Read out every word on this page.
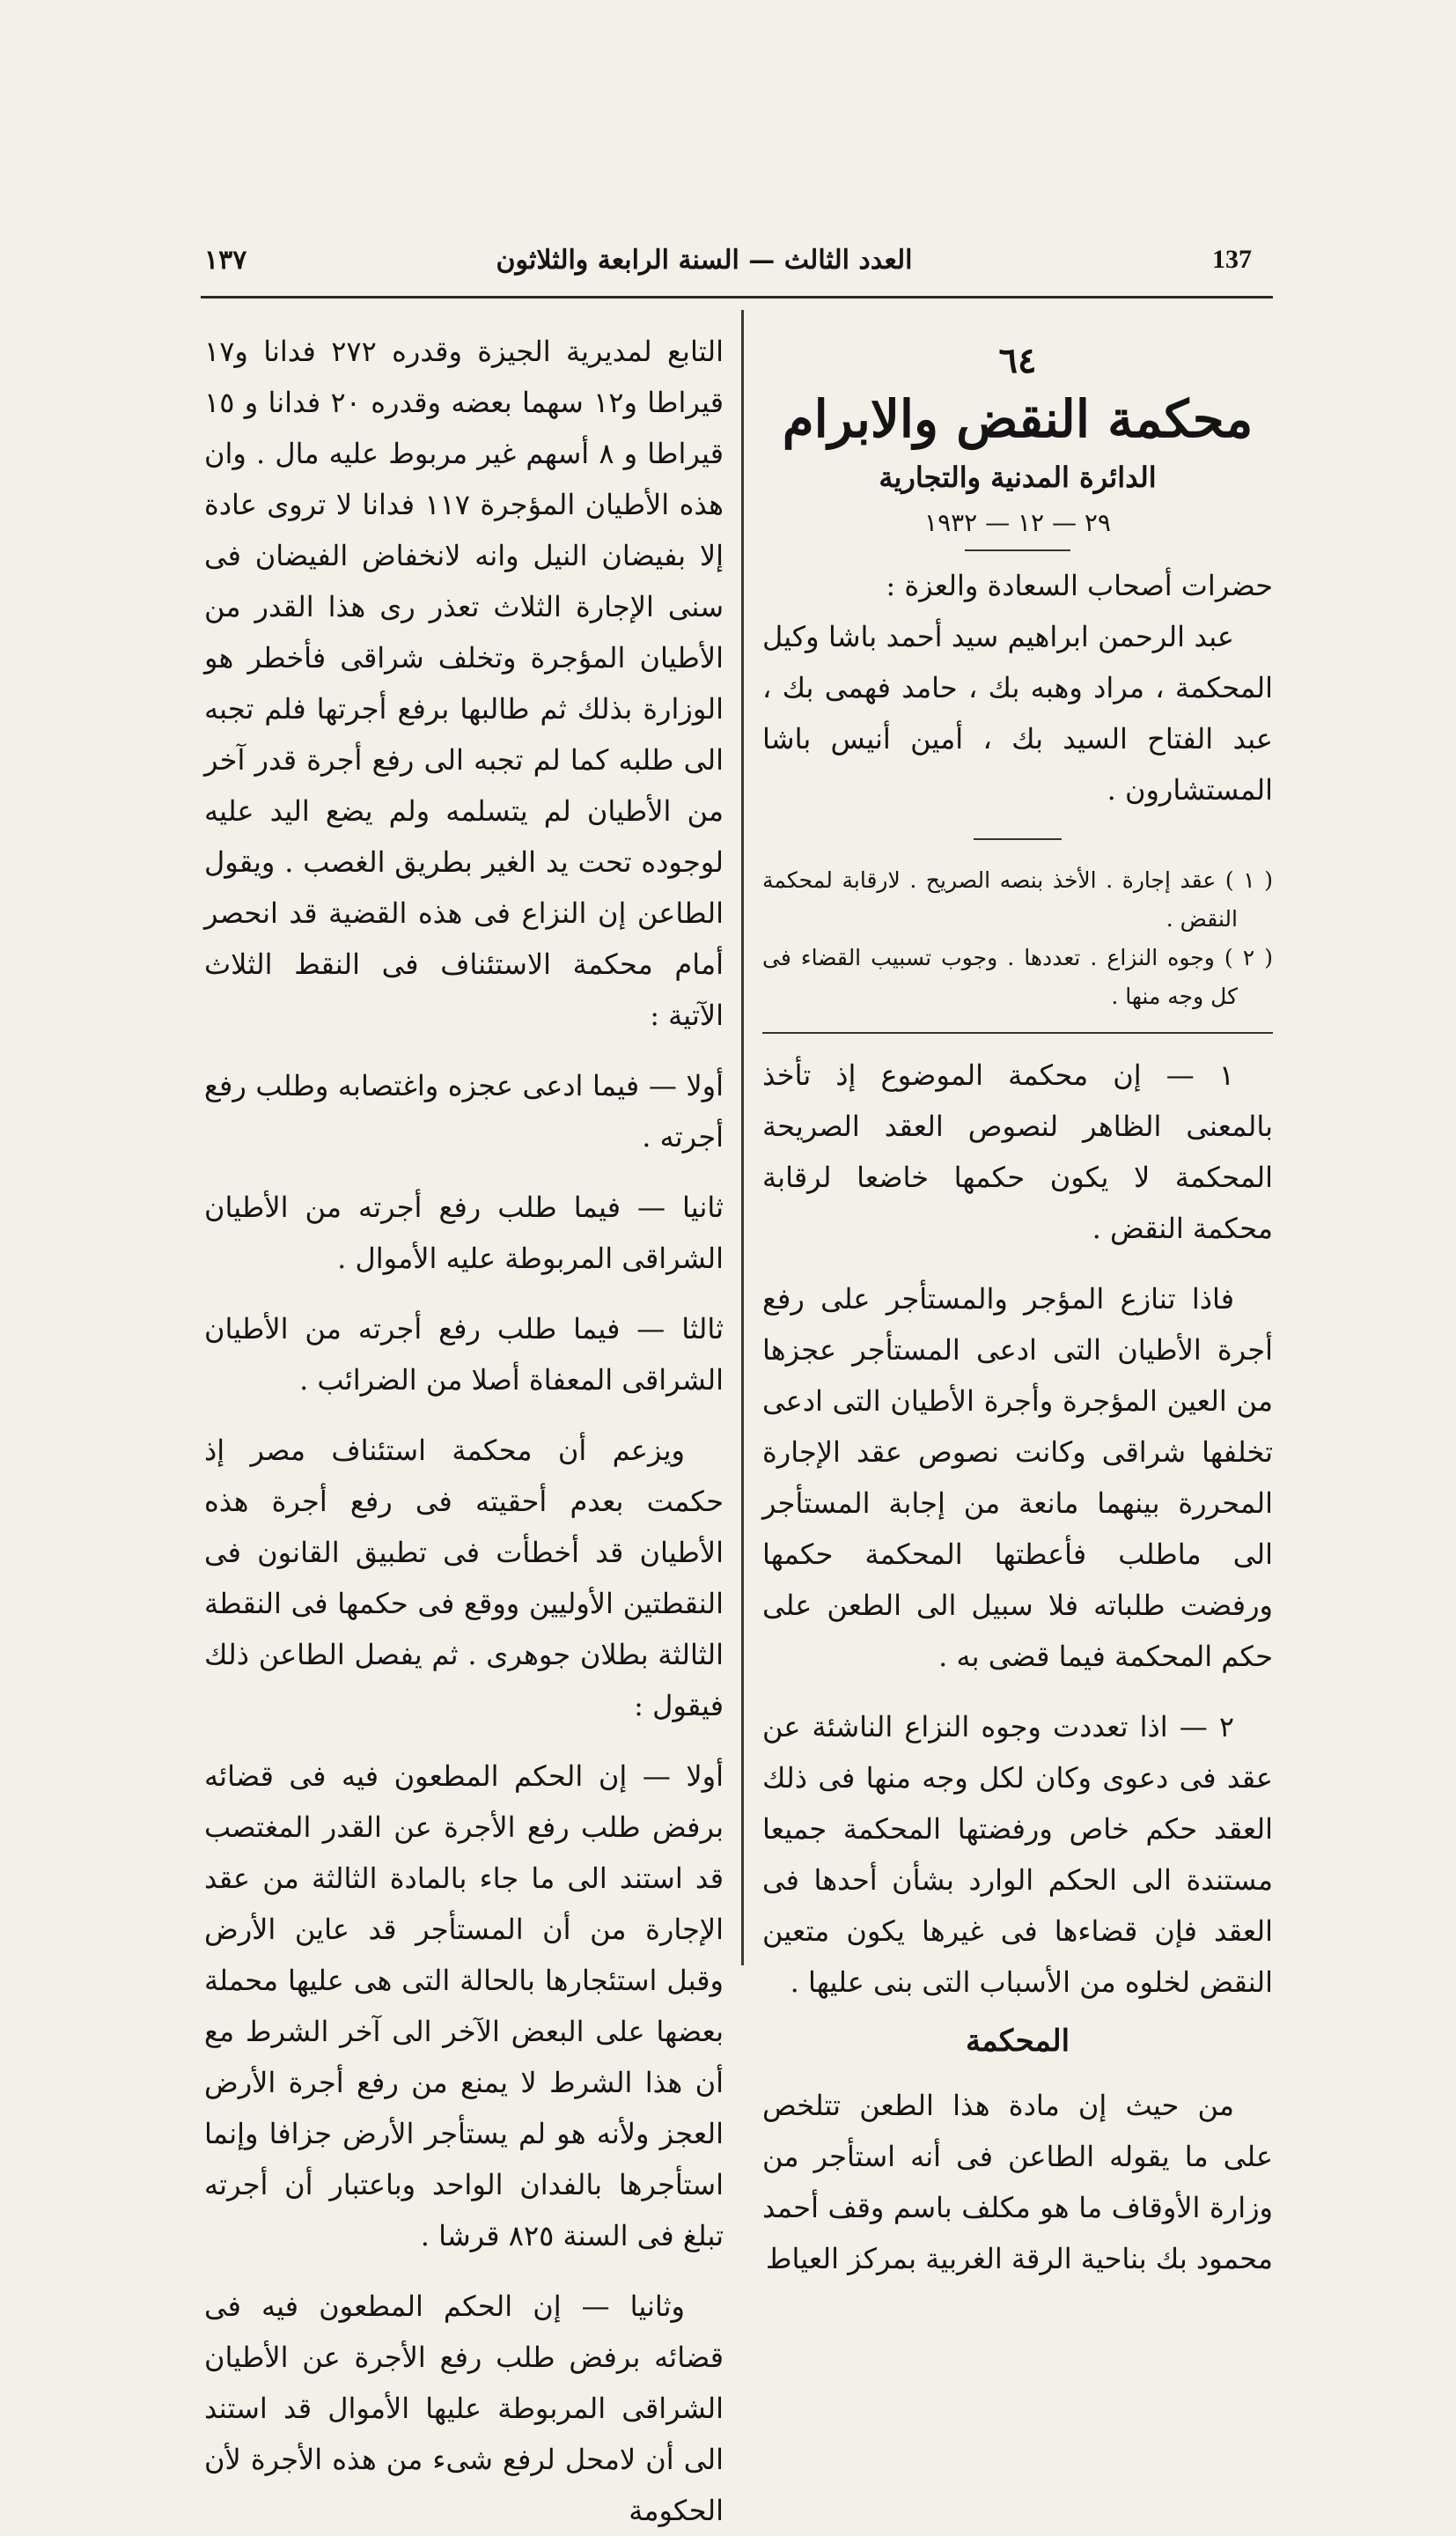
١٣٧	العدد الثالث — السنة الرابعة والثلاثون	137

٦٤

محكمة النقض والابرام

الدائرة المدنية والتجارية

٢٩ — ١٢ — ١٩٣٢

حضرات أصحاب السعادة والعزة :

عبد الرحمن ابراهيم سيد أحمد باشا وكيل المحكمة ، مراد وهبه بك ، حامد فهمى بك ، عبد الفتاح السيد بك ، أمين أنيس باشا المستشارون .

( ١ ) عقد إجارة . الأخذ بنصه الصريح . لارقابة لمحكمة النقض .

( ٢ ) وجوه النزاع . تعددها . وجوب تسبيب القضاء فى كل وجه منها .

١ — إن محكمة الموضوع إذ تأخذ بالمعنى الظاهر لنصوص العقد الصريحة المحكمة لا يكون حكمها خاضعا لرقابة محكمة النقض .

فاذا تنازع المؤجر والمستأجر على رفع أجرة الأطيان التى ادعى المستأجر عجزها من العين المؤجرة وأجرة الأطيان التى ادعى تخلفها شراقى وكانت نصوص عقد الإجارة المحررة بينهما مانعة من إجابة المستأجر الى ماطلب فأعطتها المحكمة حكمها ورفضت طلباته فلا سبيل الى الطعن على حكم المحكمة فيما قضى به .

٢ — اذا تعددت وجوه النزاع الناشئة عن عقد فى دعوى وكان لكل وجه منها فى ذلك العقد حكم خاص ورفضتها المحكمة جميعا مستندة الى الحكم الوارد بشأن أحدها فى العقد فإن قضاءها فى غيرها يكون متعين النقض لخلوه من الأسباب التى بنى عليها .

المحكمة

من حيث إن مادة هذا الطعن تتلخص على ما يقوله الطاعن فى أنه استأجر من وزارة الأوقاف ما هو مكلف باسم وقف أحمد محمود بك بناحية الرقة الغربية بمركز العياط

التابع لمديرية الجيزة وقدره ٢٧٢ فدانا و١٧ قيراطا و١٢ سهما بعضه وقدره ٢٠ فدانا و ١٥ قيراطا و ٨ أسهم غير مربوط عليه مال . وان هذه الأطيان المؤجرة ١١٧ فدانا لا تروى عادة إلا بفيضان النيل وانه لانخفاض الفيضان فى سنى الإجارة الثلاث تعذر رى هذا القدر من الأطيان المؤجرة وتخلف شراقى فأخطر هو الوزارة بذلك ثم طالبها برفع أجرتها فلم تجبه الى طلبه كما لم تجبه الى رفع أجرة قدر آخر من الأطيان لم يتسلمه ولم يضع اليد عليه لوجوده تحت يد الغير بطريق الغصب . ويقول الطاعن إن النزاع فى هذه القضية قد انحصر أمام محكمة الاستئناف فى النقط الثلاث الآتية :

أولا — فيما ادعى عجزه واغتصابه وطلب رفع أجرته .

ثانيا — فيما طلب رفع أجرته من الأطيان الشراقى المربوطة عليه الأموال .

ثالثا — فيما طلب رفع أجرته من الأطيان الشراقى المعفاة أصلا من الضرائب .

ويزعم أن محكمة استئناف مصر إذ حكمت بعدم أحقيته فى رفع أجرة هذه الأطيان قد أخطأت فى تطبيق القانون فى النقطتين الأوليين ووقع فى حكمها فى النقطة الثالثة بطلان جوهرى . ثم يفصل الطاعن ذلك فيقول :

أولا — إن الحكم المطعون فيه فى قضائه برفض طلب رفع الأجرة عن القدر المغتصب قد استند الى ما جاء بالمادة الثالثة من عقد الإجارة من أن المستأجر قد عاين الأرض وقبل استئجارها بالحالة التى هى عليها محملة بعضها على البعض الآخر الى آخر الشرط مع أن هذا الشرط لا يمنع من رفع أجرة الأرض العجز ولأنه هو لم يستأجر الأرض جزافا وإنما استأجرها بالفدان الواحد وباعتبار أن أجرته تبلغ فى السنة ٨٢٥ قرشا .

وثانيا — إن الحكم المطعون فيه فى قضائه برفض طلب رفع الأجرة عن الأطيان الشراقى المربوطة عليها الأموال قد استند الى أن لامحل لرفع شىء من هذه الأجرة لأن الحكومة
